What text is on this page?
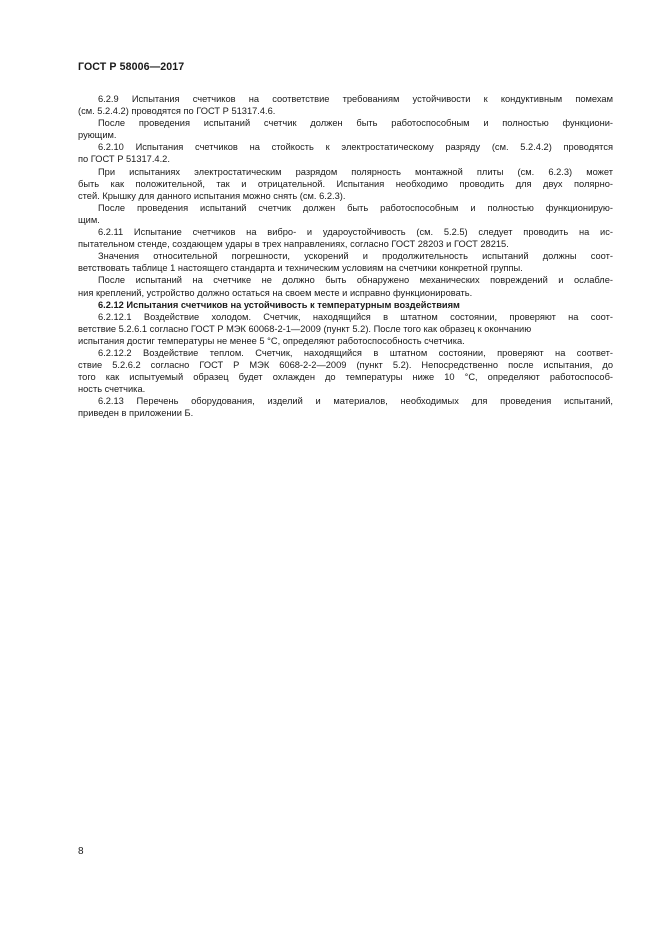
ГОСТ Р 58006—2017
6.2.9 Испытания счетчиков на соответствие требованиям устойчивости к кондуктивным помехам
(см. 5.2.4.2) проводятся по ГОСТ Р 51317.4.6.
После проведения испытаний счетчик должен быть работоспособным и полностью функциони-
рующим.
6.2.10 Испытания счетчиков на стойкость к электростатическому разряду (см. 5.2.4.2) проводятся
по ГОСТ Р 51317.4.2.
При испытаниях электростатическим разрядом полярность монтажной плиты (см. 6.2.3) может
быть как положительной, так и отрицательной. Испытания необходимо проводить для двух полярно-
стей. Крышку для данного испытания можно снять (см. 6.2.3).
После проведения испытаний счетчик должен быть работоспособным и полностью функционирую-
щим.
6.2.11 Испытание счетчиков на вибро- и удароустойчивость (см. 5.2.5) следует проводить на ис-
пытательном стенде, создающем удары в трех направлениях, согласно ГОСТ 28203 и ГОСТ 28215.
Значения относительной погрешности, ускорений и продолжительность испытаний должны соот-
ветствовать таблице 1 настоящего стандарта и техническим условиям на счетчики конкретной группы.
После испытаний на счетчике не должно быть обнаружено механических повреждений и ослабле-
ния креплений, устройство должно остаться на своем месте и исправно функционировать.
6.2.12 Испытания счетчиков на устойчивость к температурным воздействиям
6.2.12.1 Воздействие холодом. Счетчик, находящийся в штатном состоянии, проверяют на соот-
ветствие 5.2.6.1 согласно ГОСТ Р МЭК 60068-2-1—2009 (пункт 5.2). После того как образец к окончанию
испытания достиг температуры не менее 5 °С, определяют работоспособность счетчика.
6.2.12.2 Воздействие теплом. Счетчик, находящийся в штатном состоянии, проверяют на соответ-
ствие 5.2.6.2 согласно ГОСТ Р МЭК 6068-2-2—2009 (пункт 5.2). Непосредственно после испытания, до
того как испытуемый образец будет охлажден до температуры ниже 10 °С, определяют работоспособ-
ность счетчика.
6.2.13 Перечень оборудования, изделий и материалов, необходимых для проведения испытаний,
приведен в приложении Б.
8
